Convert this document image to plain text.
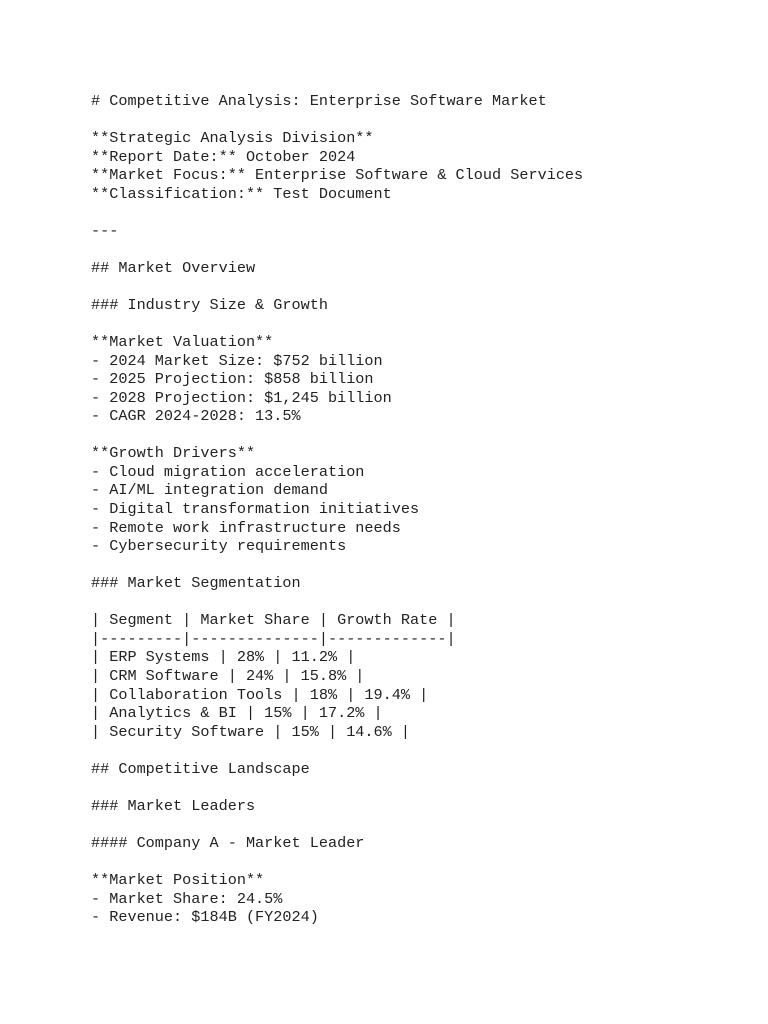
# Competitive Analysis: Enterprise Software Market
**Strategic Analysis Division**
**Report Date:** October 2024
**Market Focus:** Enterprise Software & Cloud Services
**Classification:** Test Document
---
## Market Overview
### Industry Size & Growth
**Market Valuation**
- 2024 Market Size: $752 billion
- 2025 Projection: $858 billion
- 2028 Projection: $1,245 billion
- CAGR 2024-2028: 13.5%
**Growth Drivers**
- Cloud migration acceleration
- AI/ML integration demand
- Digital transformation initiatives
- Remote work infrastructure needs
- Cybersecurity requirements
### Market Segmentation
| Segment | Market Share | Growth Rate |
|---------|--------------|-------------|
| ERP Systems | 28% | 11.2% |
| CRM Software | 24% | 15.8% |
| Collaboration Tools | 18% | 19.4% |
| Analytics & BI | 15% | 17.2% |
| Security Software | 15% | 14.6% |
## Competitive Landscape
### Market Leaders
#### Company A - Market Leader
**Market Position**
- Market Share: 24.5%
- Revenue: $184B (FY2024)
